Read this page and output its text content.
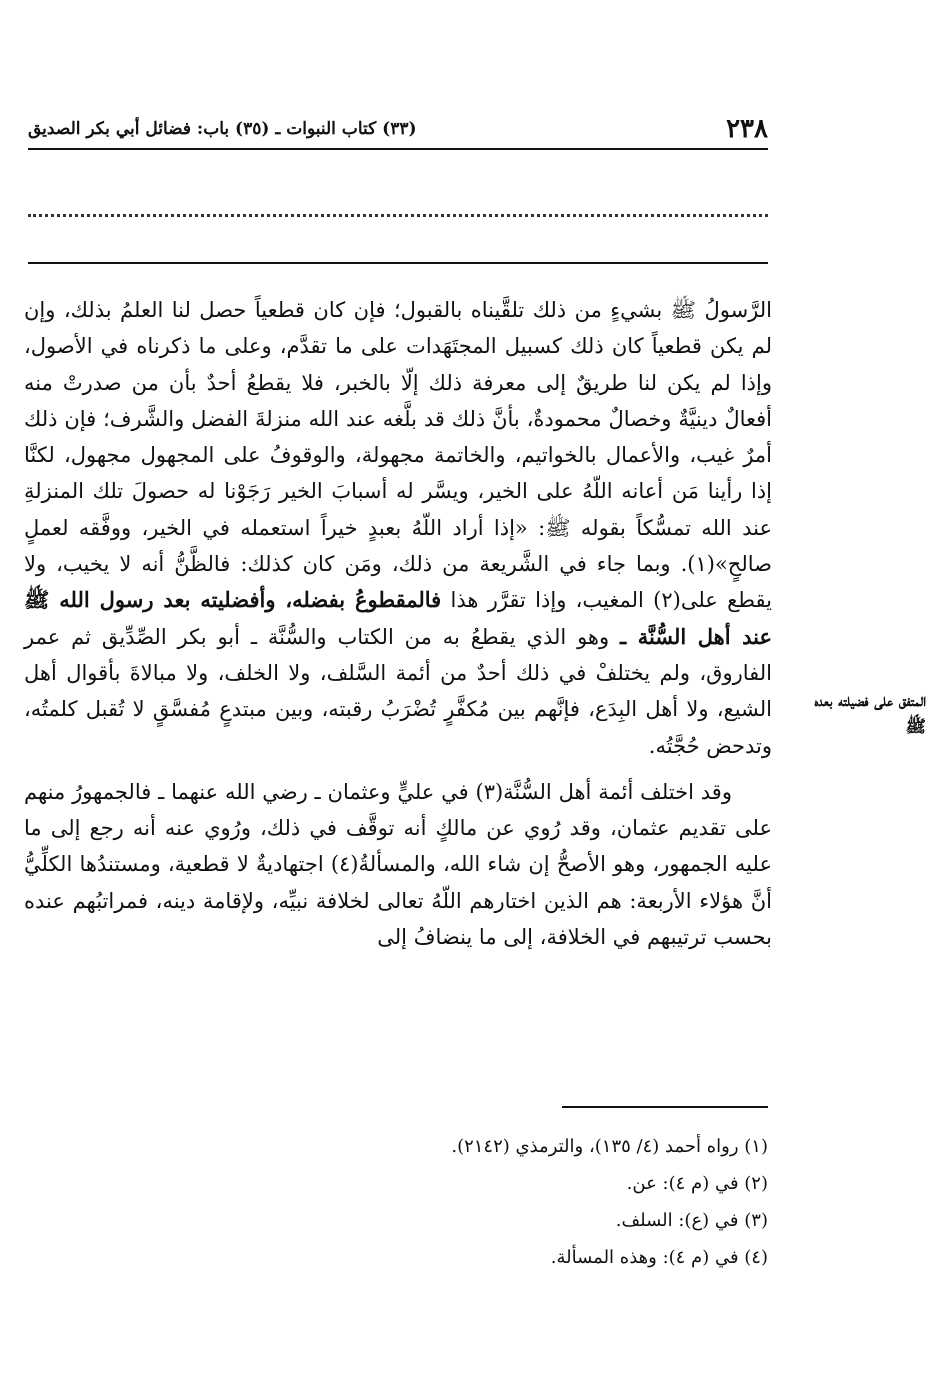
٢٣٨
(٣٣) كتاب النبوات ـ (٣٥) باب: فضائل أبي بكر الصديق

الرَّسولُ ﷺ بشيءٍ من ذلك تلقَّيناه بالقبول؛ فإن كان قطعياً حصل لنا العلمُ بذلك، وإن لم يكن قطعياً كان ذلك كسبيل المجتَهَدات على ما تقدَّم، وعلى ما ذكرناه في الأصول، وإذا لم يكن لنا طريقٌ إلى معرفة ذلك إلّا بالخبر، فلا يقطعُ أحدٌ بأن من صدرتْ منه أفعالٌ دينيَّةٌ وخصالٌ محمودةٌ، بأنَّ ذلك قد بلَّغه عند الله منزلةَ الفضل والشَّرف؛ فإن ذلك أمرٌ غيب، والأعمال بالخواتيم، والخاتمة مجهولة، والوقوفُ على المجهول مجهول، لكنَّا إذا رأينا مَن أعانه اللّهُ على الخير، ويسَّر له أسبابَ الخير رَجَوْنا له حصولَ تلك المنزلةِ عند الله تمسُّكاً بقوله ﷺ: «إذا أراد اللّهُ بعبدٍ خيراً استعمله في الخير، ووفَّقه لعملٍ صالحٍ»(١). وبما جاء في الشَّريعة من ذلك، ومَن كان كذلك: فالظَّنُّ أنه لا يخيب، ولا يقطع على(٢) المغيب، وإذا تقرَّر هذا فالمقطوعُ بفضله، وأفضليته بعد رسول الله ﷺ عند أهل السُّنَّة ـ وهو الذي يقطعُ به من الكتاب والسُّنَّة ـ أبو بكر الصِّدِّيق ثم عمر الفاروق، ولم يختلفْ في ذلك أحدٌ من أئمة السَّلف، ولا الخلف، ولا مبالاةَ بأقوال أهل الشيع، ولا أهل البِدَع، فإنَّهم بين مُكفَّرٍ تُضْرَبُ رقبته، وبين مبتدعٍ مُفسَّقٍ لا تُقبل كلمتُه، وتدحض حُجَّتُه.

وقد اختلف أئمة أهل السُّنَّة(٣) في عليٍّ وعثمان ـ رضي الله عنهما ـ فالجمهورُ منهم على تقديم عثمان، وقد رُوي عن مالكٍ أنه توقَّف في ذلك، ورُوي عنه أنه رجع إلى ما عليه الجمهور، وهو الأصحُّ إن شاء الله، والمسألةُ(٤) اجتهاديةٌ لا قطعية، ومستندُها الكلِّيُّ أنَّ هؤلاء الأربعة: هم الذين اختارهم اللّهُ تعالى لخلافة نبيِّه، ولإقامة دينه، فمراتبُهم عنده بحسب ترتيبهم في الخلافة، إلى ما ينضافُ إلى

المتفق على فضيلته بعده ﷺ
(١) رواه أحمد (٤/ ١٣٥)، والترمذي (٢١٤٢).
(٢) في (م ٤): عن.
(٣) في (ع): السلف.
(٤) في (م ٤): وهذه المسألة.
